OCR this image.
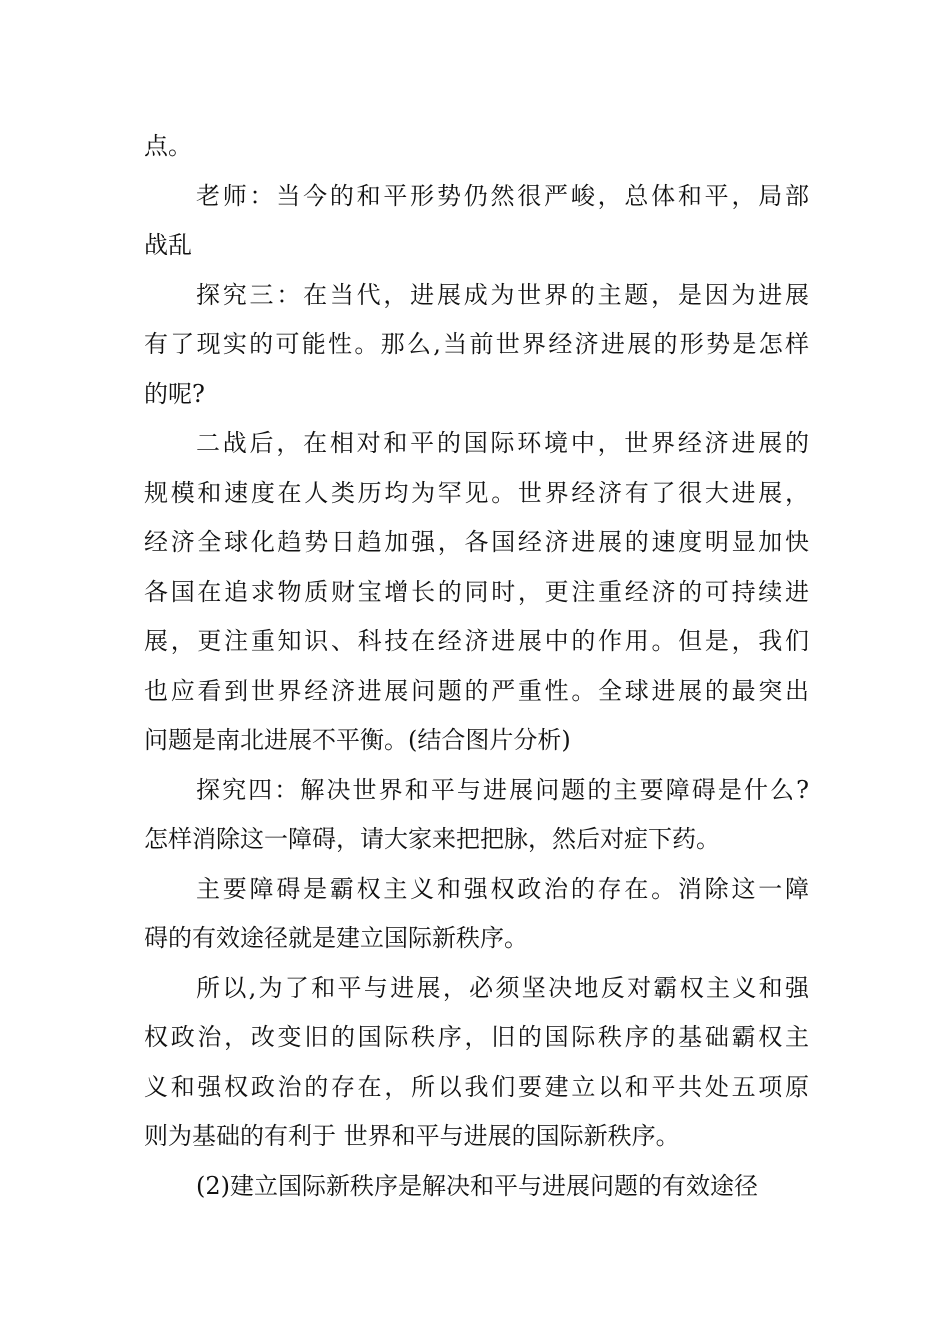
点。
老师：当今的和平形势仍然很严峻，总体和平，局部
战乱
探究三：在当代，进展成为世界的主题，是因为进展
有了现实的可能性。那么,当前世界经济进展的形势是怎样
的呢?
二战后，在相对和平的国际环境中，世界经济进展的
规模和速度在人类历均为罕见。世界经济有了很大进展，
经济全球化趋势日趋加强，各国经济进展的速度明显加快
各国在追求物质财宝增长的同时，更注重经济的可持续进
展，更注重知识、科技在经济进展中的作用。但是，我们
也应看到世界经济进展问题的严重性。全球进展的最突出
问题是南北进展不平衡。(结合图片分析)
探究四：解决世界和平与进展问题的主要障碍是什么?
怎样消除这一障碍，请大家来把把脉，然后对症下药。
主要障碍是霸权主义和强权政治的存在。消除这一障
碍的有效途径就是建立国际新秩序。
所以,为了和平与进展，必须坚决地反对霸权主义和强
权政治，改变旧的国际秩序，旧的国际秩序的基础霸权主
义和强权政治的存在，所以我们要建立以和平共处五项原
则为基础的有利于 世界和平与进展的国际新秩序。
(2)建立国际新秩序是解决和平与进展问题的有效途径
